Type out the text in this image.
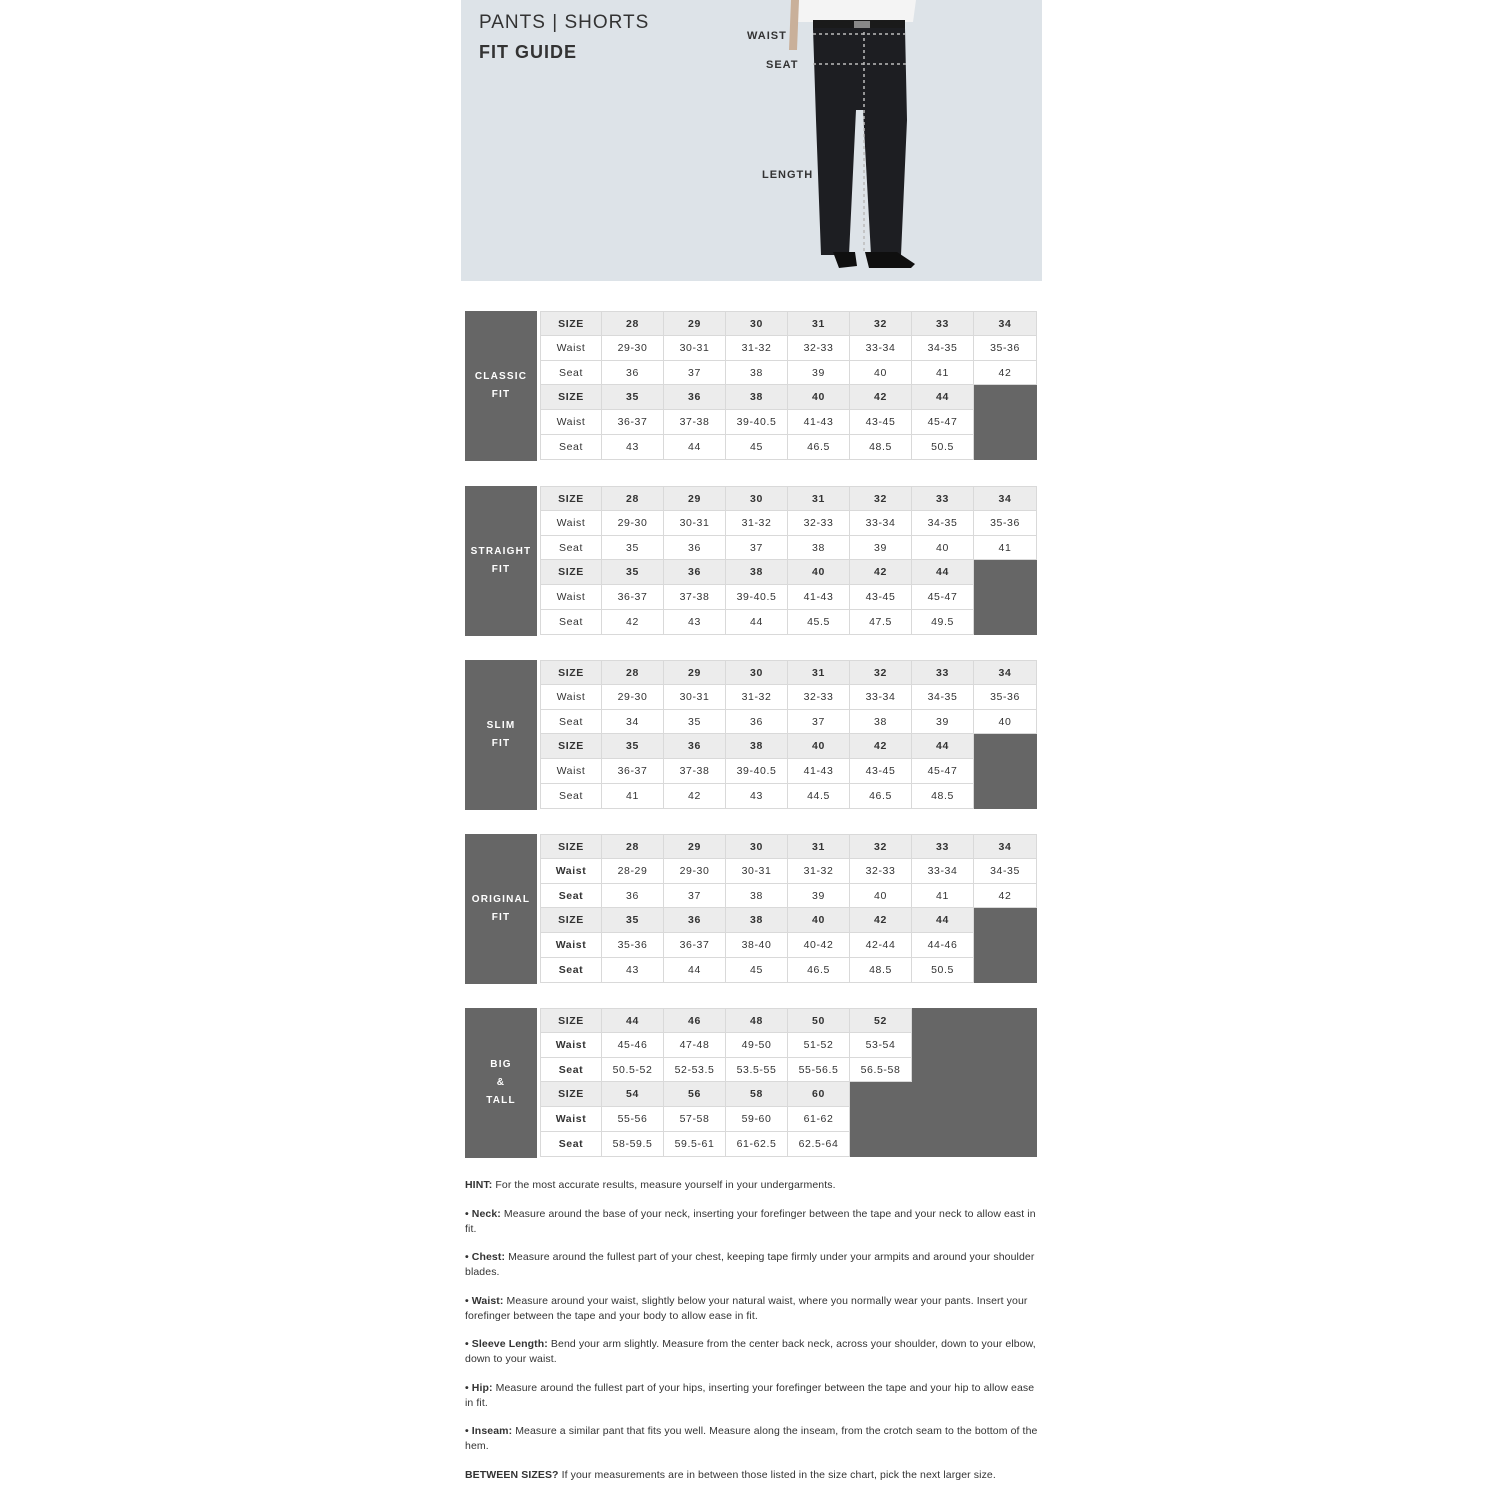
PANTS | SHORTS
FIT GUIDE
WAIST
SEAT
LENGTH
CLASSIC
FIT
SIZE	28	29	30	31	32	33	34
Waist	29-30	30-31	31-32	32-33	33-34	34-35	35-36
Seat	36	37	38	39	40	41	42
SIZE	35	36	38	40	42	44
Waist	36-37	37-38	39-40.5	41-43	43-45	45-47
Seat	43	44	45	46.5	48.5	50.5
STRAIGHT
FIT
SIZE	28	29	30	31	32	33	34
Waist	29-30	30-31	31-32	32-33	33-34	34-35	35-36
Seat	35	36	37	38	39	40	41
SIZE	35	36	38	40	42	44
Waist	36-37	37-38	39-40.5	41-43	43-45	45-47
Seat	42	43	44	45.5	47.5	49.5
SLIM
FIT
SIZE	28	29	30	31	32	33	34
Waist	29-30	30-31	31-32	32-33	33-34	34-35	35-36
Seat	34	35	36	37	38	39	40
SIZE	35	36	38	40	42	44
Waist	36-37	37-38	39-40.5	41-43	43-45	45-47
Seat	41	42	43	44.5	46.5	48.5
ORIGINAL
FIT
SIZE	28	29	30	31	32	33	34
Waist	28-29	29-30	30-31	31-32	32-33	33-34	34-35
Seat	36	37	38	39	40	41	42
SIZE	35	36	38	40	42	44
Waist	35-36	36-37	38-40	40-42	42-44	44-46
Seat	43	44	45	46.5	48.5	50.5
BIG
&
TALL
SIZE	44	46	48	50	52
Waist	45-46	47-48	49-50	51-52	53-54
Seat	50.5-52	52-53.5	53.5-55	55-56.5	56.5-58
SIZE	54	56	58	60
Waist	55-56	57-58	59-60	61-62
Seat	58-59.5	59.5-61	61-62.5	62.5-64

HINT: For the most accurate results, measure yourself in your undergarments.

• Neck: Measure around the base of your neck, inserting your forefinger between the tape and your neck to allow east in fit.

• Chest: Measure around the fullest part of your chest, keeping tape firmly under your armpits and around your shoulder blades.

• Waist: Measure around your waist, slightly below your natural waist, where you normally wear your pants. Insert your forefinger between the tape and your body to allow ease in fit.

• Sleeve Length: Bend your arm slightly. Measure from the center back neck, across your shoulder, down to your elbow, down to your waist.

• Hip: Measure around the fullest part of your hips, inserting your forefinger between the tape and your hip to allow ease in fit.

• Inseam: Measure a similar pant that fits you well. Measure along the inseam, from the crotch seam to the bottom of the hem.

BETWEEN SIZES? If your measurements are in between those listed in the size chart, pick the next larger size.
